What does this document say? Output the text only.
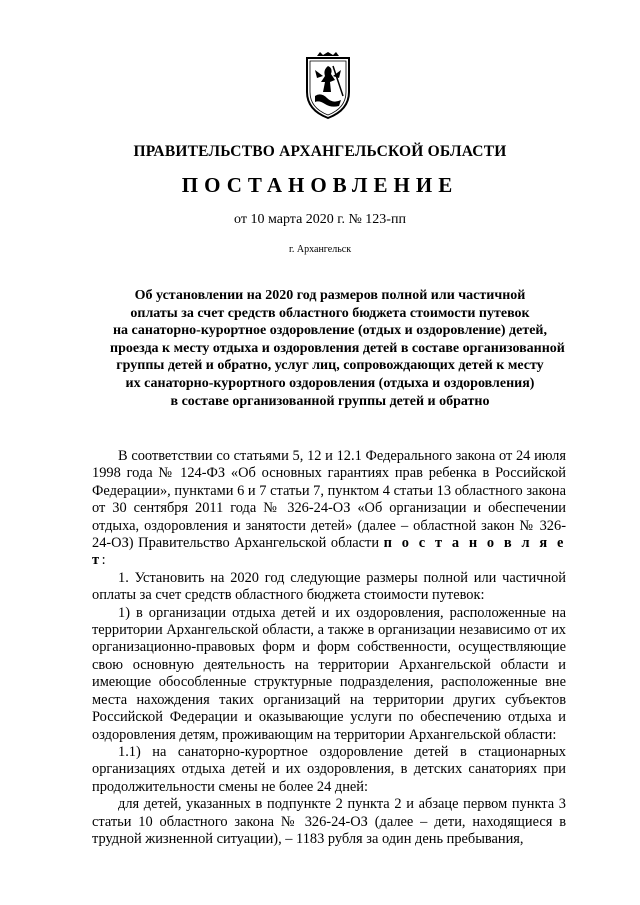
ПРАВИТЕЛЬСТВО АРХАНГЕЛЬСКОЙ ОБЛАСТИ
ПОСТАНОВЛЕНИЕ
от 10 марта 2020 г. № 123-пп
г. Архангельск
Об установлении на 2020 год размеров полной или частичной
оплаты за счет средств областного бюджета стоимости путевок
на санаторно-курортное оздоровление (отдых и оздоровление) детей,
проезда к месту отдыха и оздоровления детей в составе организованной
группы детей и обратно, услуг лиц, сопровождающих детей к месту
их санаторно-курортного оздоровления (отдыха и оздоровления)
в составе организованной группы детей и обратно

В соответствии со статьями 5, 12 и 12.1 Федерального закона от 24 июля 1998 года № 124-ФЗ «Об основных гарантиях прав ребенка в Российской Федерации», пунктами 6 и 7 статьи 7, пунктом 4 статьи 13 областного закона от 30 сентября 2011 года № 326-24-ОЗ «Об организации и обеспечении отдыха, оздоровления и занятости детей» (далее – областной закон № 326-24-ОЗ) Правительство Архангельской области п о с т а н о в л я е т:

1. Установить на 2020 год следующие размеры полной или частичной оплаты за счет средств областного бюджета стоимости путевок:

1) в организации отдыха детей и их оздоровления, расположенные на территории Архангельской области, а также в организации независимо от их организационно-правовых форм и форм собственности, осуществляющие свою основную деятельность на территории Архангельской области и имеющие обособленные структурные подразделения, расположенные вне места нахождения таких организаций на территории других субъектов Российской Федерации и оказывающие услуги по обеспечению отдыха и оздоровления детям, проживающим на территории Архангельской области:

1.1) на санаторно-курортное оздоровление детей в стационарных организациях отдыха детей и их оздоровления, в детских санаториях при продолжительности смены не более 24 дней:

для детей, указанных в подпункте 2 пункта 2 и абзаце первом пункта 3 статьи 10 областного закона № 326-24-ОЗ (далее – дети, находящиеся в трудной жизненной ситуации), – 1183 рубля за один день пребывания,
